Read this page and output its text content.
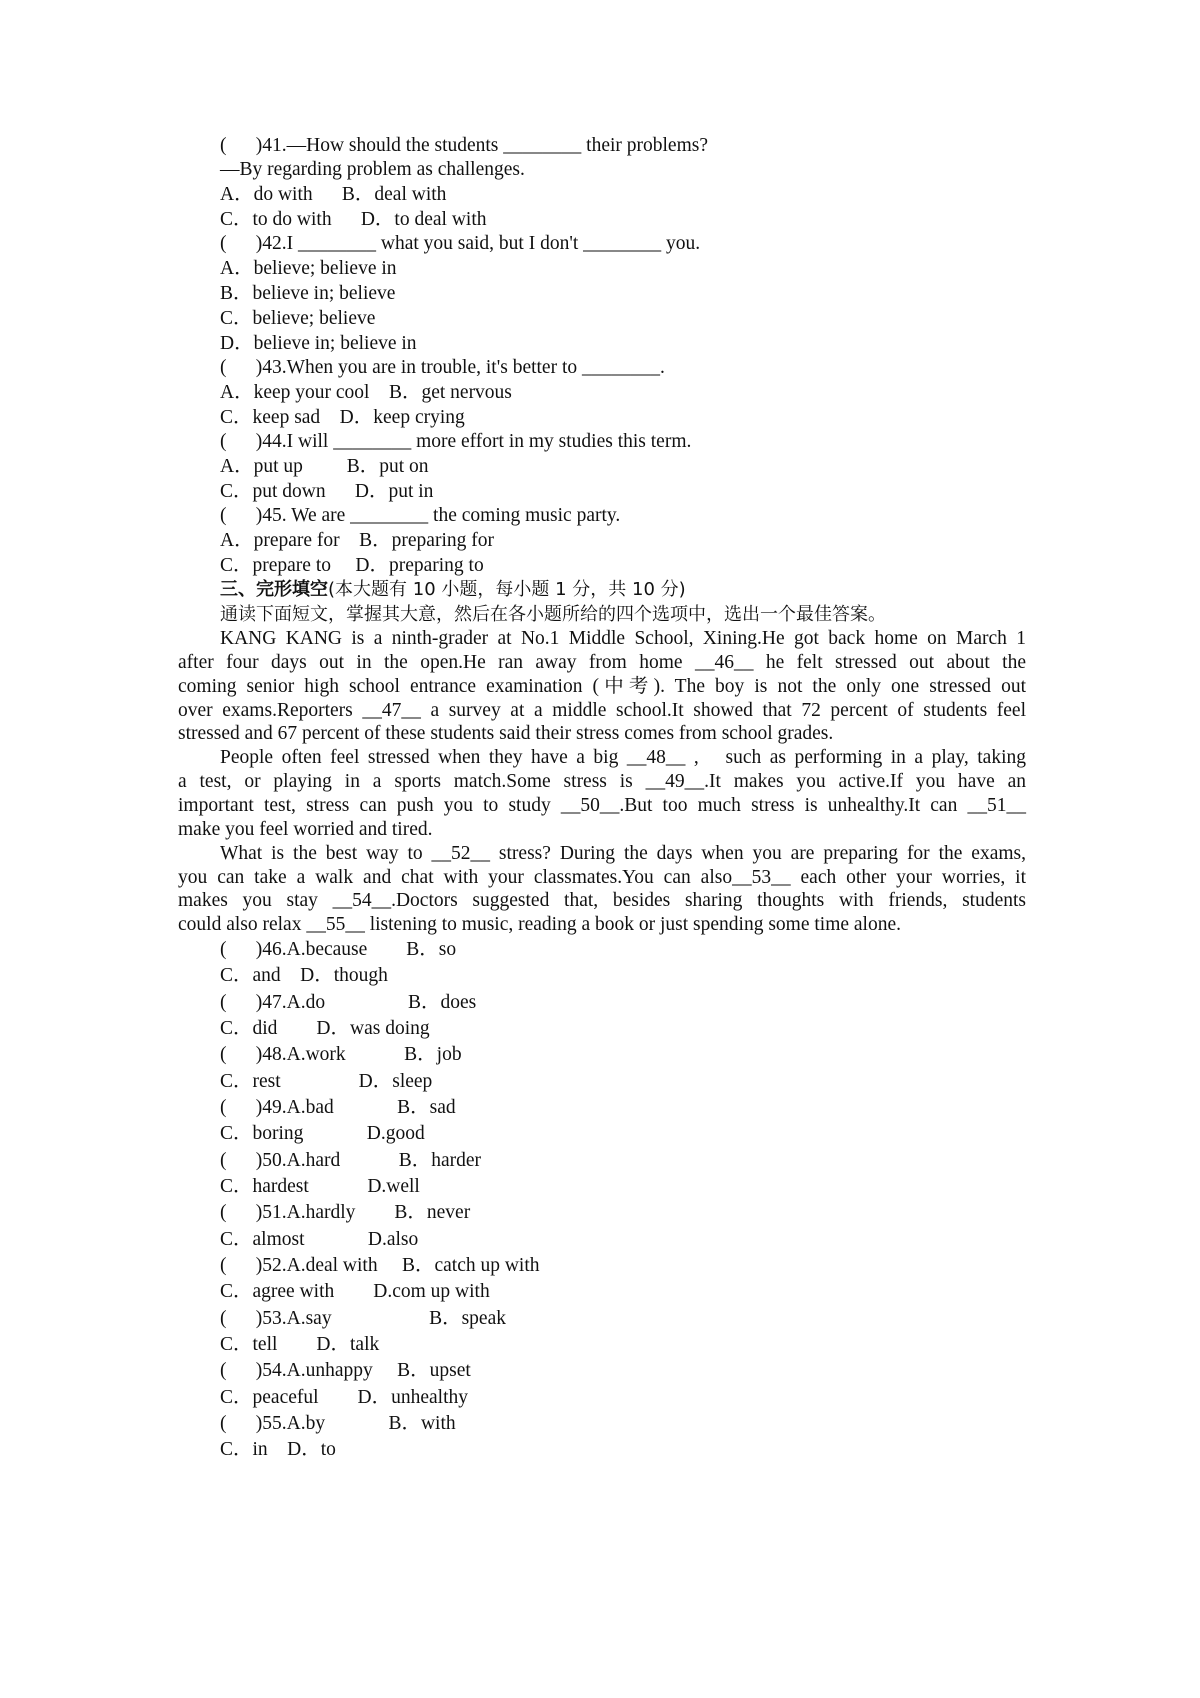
(　  )41.—How should the students ________ their problems?
—By regarding problem as challenges.
A．do with　  B．deal with
C．to do with　  D．to deal with
(　  )42.I ________ what you said, but I don't ________ you.
A．believe; believe in
B．believe in; believe
C．believe; believe
D．believe in; believe in
(　  )43.When you are in trouble, it's better to ________.
A．keep your cool　B．get nervous
C．keep sad　D．keep crying
(　  )44.I will ________ more effort in my studies this term.
A．put up　　 B．put on
C．put down　  D．put in
(　  )45. We are ________ the coming music party.
A．prepare for　B．preparing for
C．prepare to　 D．preparing to
三、完形填空(本大题有 10 小题，每小题 1 分，共 10 分)
通读下面短文，掌握其大意，然后在各小题所给的四个选项中，选出一个最佳答案。
KANG KANG is a ninth-grader at No.1 Middle School, Xining.He got back home on March 1
after four days out in the open.He ran away from home __46__ he felt stressed out about the
coming senior high school entrance examination (中考). The boy is not the only one stressed out
over exams.Reporters __47__ a survey at a middle school.It showed that 72 percent of students feel
stressed and 67 percent of these students said their stress comes from school grades.
People often feel stressed when they have a big __48__ ,　such as performing in a play, taking
a test, or playing in a sports match.Some stress is __49__.It makes you active.If you have an
important test, stress can push you to study __50__.But too much stress is unhealthy.It can __51__
make you feel worried and tired.
What is the best way to __52__ stress? During the days when you are preparing for the exams,
you can take a walk and chat with your classmates.You can also__53__ each other your worries, it
makes you stay __54__.Doctors suggested that, besides sharing thoughts with friends, students
could also relax __55__ listening to music, reading a book or just spending some time alone.
(　  )46.A.because　　B．so
C．and　D．though
(　  )47.A.do　　　　 B．does
C．did　　D．was doing
(　  )48.A.work　　　B．job
C．rest　　　　D．sleep
(　  )49.A.bad　　　 B．sad
C．boring　　　 D.good
(　  )50.A.hard　　　B．harder
C．hardest　　　D.well
(　  )51.A.hardly　　B．never
C．almost　　　 D.also
(　  )52.A.deal with　 B．catch up with
C．agree with　　D.com up with
(　  )53.A.say　　　　　B．speak
C．tell　　D．talk
(　  )54.A.unhappy　 B．upset
C．peaceful　　D．unhealthy
(　  )55.A.by　　　 B．with
C．in　D．to
